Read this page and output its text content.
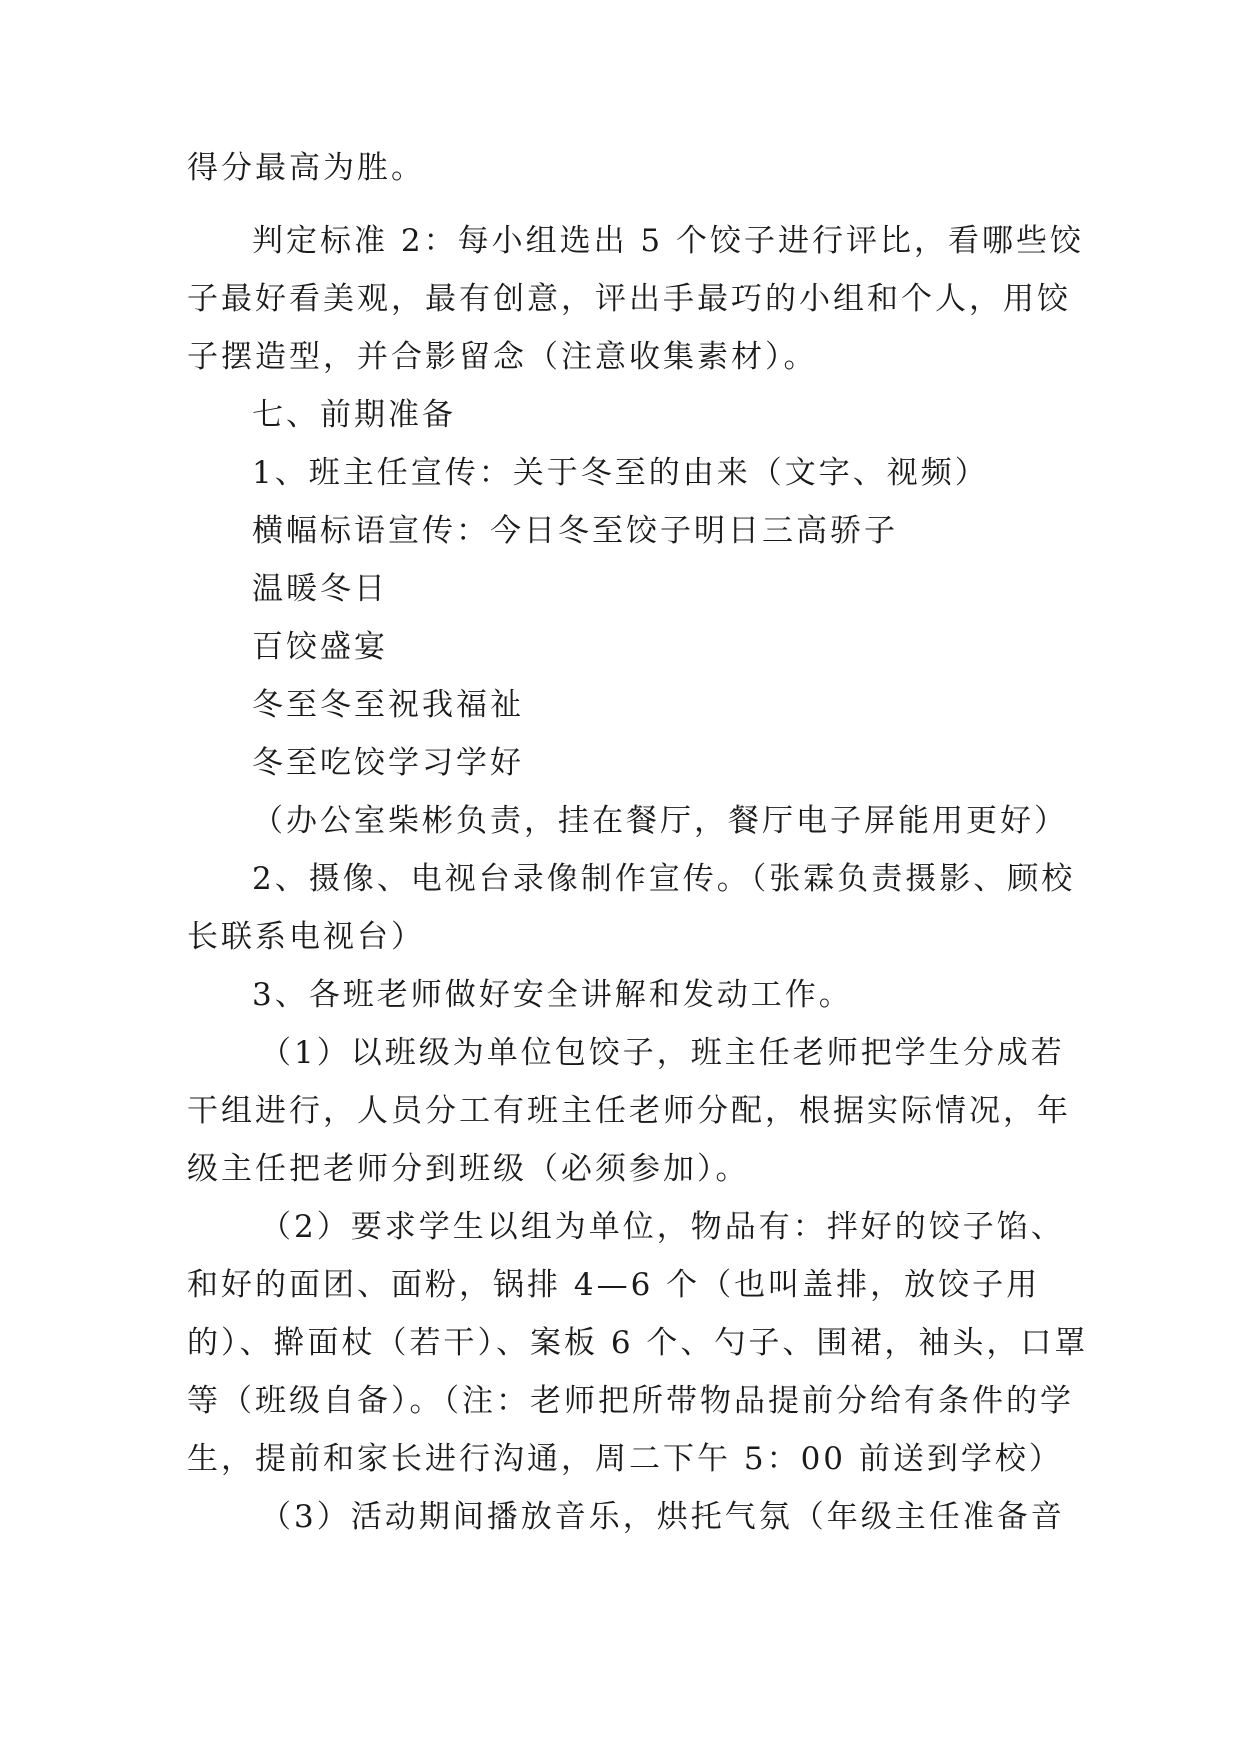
得分最高为胜。

判定标准 2：每小组选出 5 个饺子进行评比，看哪些饺

子最好看美观，最有创意，评出手最巧的小组和个人，用饺

子摆造型，并合影留念（注意收集素材）。

七、前期准备

1、班主任宣传：关于冬至的由来（文字、视频）

横幅标语宣传：今日冬至饺子明日三高骄子

温暖冬日

百饺盛宴

冬至冬至祝我福祉

冬至吃饺学习学好

（办公室柴彬负责，挂在餐厅，餐厅电子屏能用更好）

2、摄像、电视台录像制作宣传。（张霖负责摄影、顾校

长联系电视台）

3、各班老师做好安全讲解和发动工作。

（1）以班级为单位包饺子，班主任老师把学生分成若

干组进行，人员分工有班主任老师分配，根据实际情况，年

级主任把老师分到班级（必须参加）。

（2）要求学生以组为单位，物品有：拌好的饺子馅、

和好的面团、面粉，锅排 4—6 个（也叫盖排，放饺子用

的）、擀面杖（若干）、案板 6 个、勺子、围裙，袖头，口罩

等（班级自备）。（注：老师把所带物品提前分给有条件的学

生，提前和家长进行沟通，周二下午 5：00 前送到学校）

（3）活动期间播放音乐，烘托气氛（年级主任准备音
